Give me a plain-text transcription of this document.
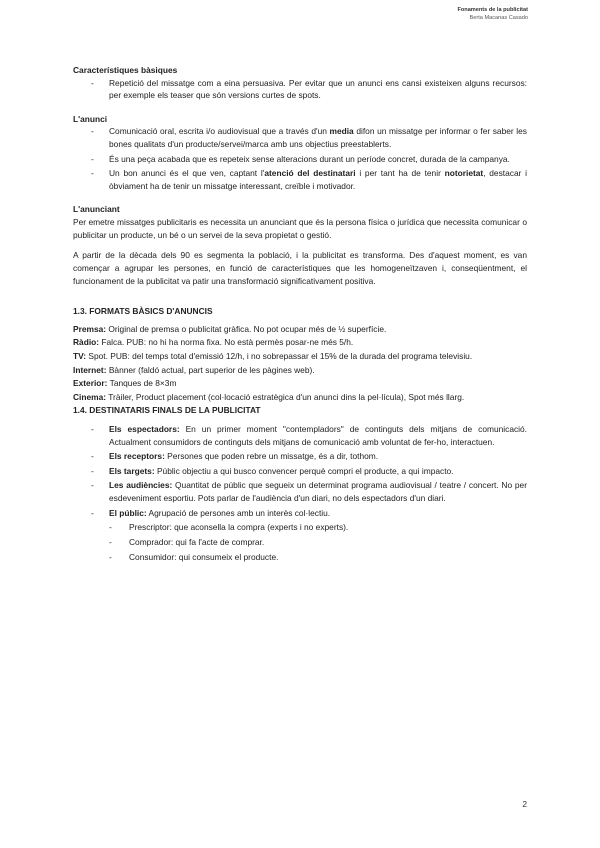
Fonaments de la publicitat
Berta Macanas Casado
Característiques bàsiques
- Repetició del missatge com a eina persuasiva. Per evitar que un anunci ens cansi existeixen alguns recursos: per exemple els teaser que són versions curtes de spots.
L'anunci
- Comunicació oral, escrita i/o audiovisual que a través d'un media difon un missatge per informar o fer saber les bones qualitats d'un producte/servei/marca amb uns objectius preestablerts.
- És una peça acabada que es repeteix sense alteracions durant un període concret, durada de la campanya.
- Un bon anunci és el que ven, captant l'atenció del destinatari i per tant ha de tenir notorietat, destacar i òbviament ha de tenir un missatge interessant, creïble i motivador.
L'anunciant

Per emetre missatges publicitaris es necessita un anunciant que és la persona física o jurídica que necessita comunicar o publicitar un producte, un bé o un servei de la seva propietat o gestió.

A partir de la dècada dels 90 es segmenta la població, i la publicitat es transforma. Des d'aquest moment, es van començar a agrupar les persones, en funció de característiques que les homogeneïtzaven i, conseqüentment, el funcionament de la publicitat va patir una transformació significativament positiva.

1.3. FORMATS BÀSICS D'ANUNCIS

Premsa: Original de premsa o publicitat gràfica. No pot ocupar més de ½ superfície.

Ràdio: Falca. PUB: no hi ha norma fixa. No està permès posar-ne més 5/h.

TV: Spot. PUB: del temps total d'emissió 12/h, i no sobrepassar el 15% de la durada del programa televisiu.

Internet: Bànner (faldó actual, part superior de les pàgines web).

Exterior: Tanques de 8×3m

Cinema: Tràiler, Product placement (col·locació estratègica d'un anunci dins la pel·lícula), Spot més llarg.

1.4. DESTINATARIS FINALS DE LA PUBLICITAT
- Els espectadors: En un primer moment "contempladors" de continguts dels mitjans de comunicació. Actualment consumidors de continguts dels mitjans de comunicació amb voluntat de fer-ho, interactuen.
- Els receptors: Persones que poden rebre un missatge, és a dir, tothom.
- Els targets: Públic objectiu a qui busco convencer perquè compri el producte, a qui impacto.
- Les audiències: Quantitat de públic que segueix un determinat programa audiovisual / teatre / concert. No per esdeveniment esportiu. Pots parlar de l'audiència d'un diari, no dels espectadors d'un diari.
- El públic: Agrupació de persones amb un interès col·lectiu.
- Prescriptor: que aconsella la compra (experts i no experts).
- Comprador: qui fa l'acte de comprar.
- Consumidor: qui consumeix el producte.
2
